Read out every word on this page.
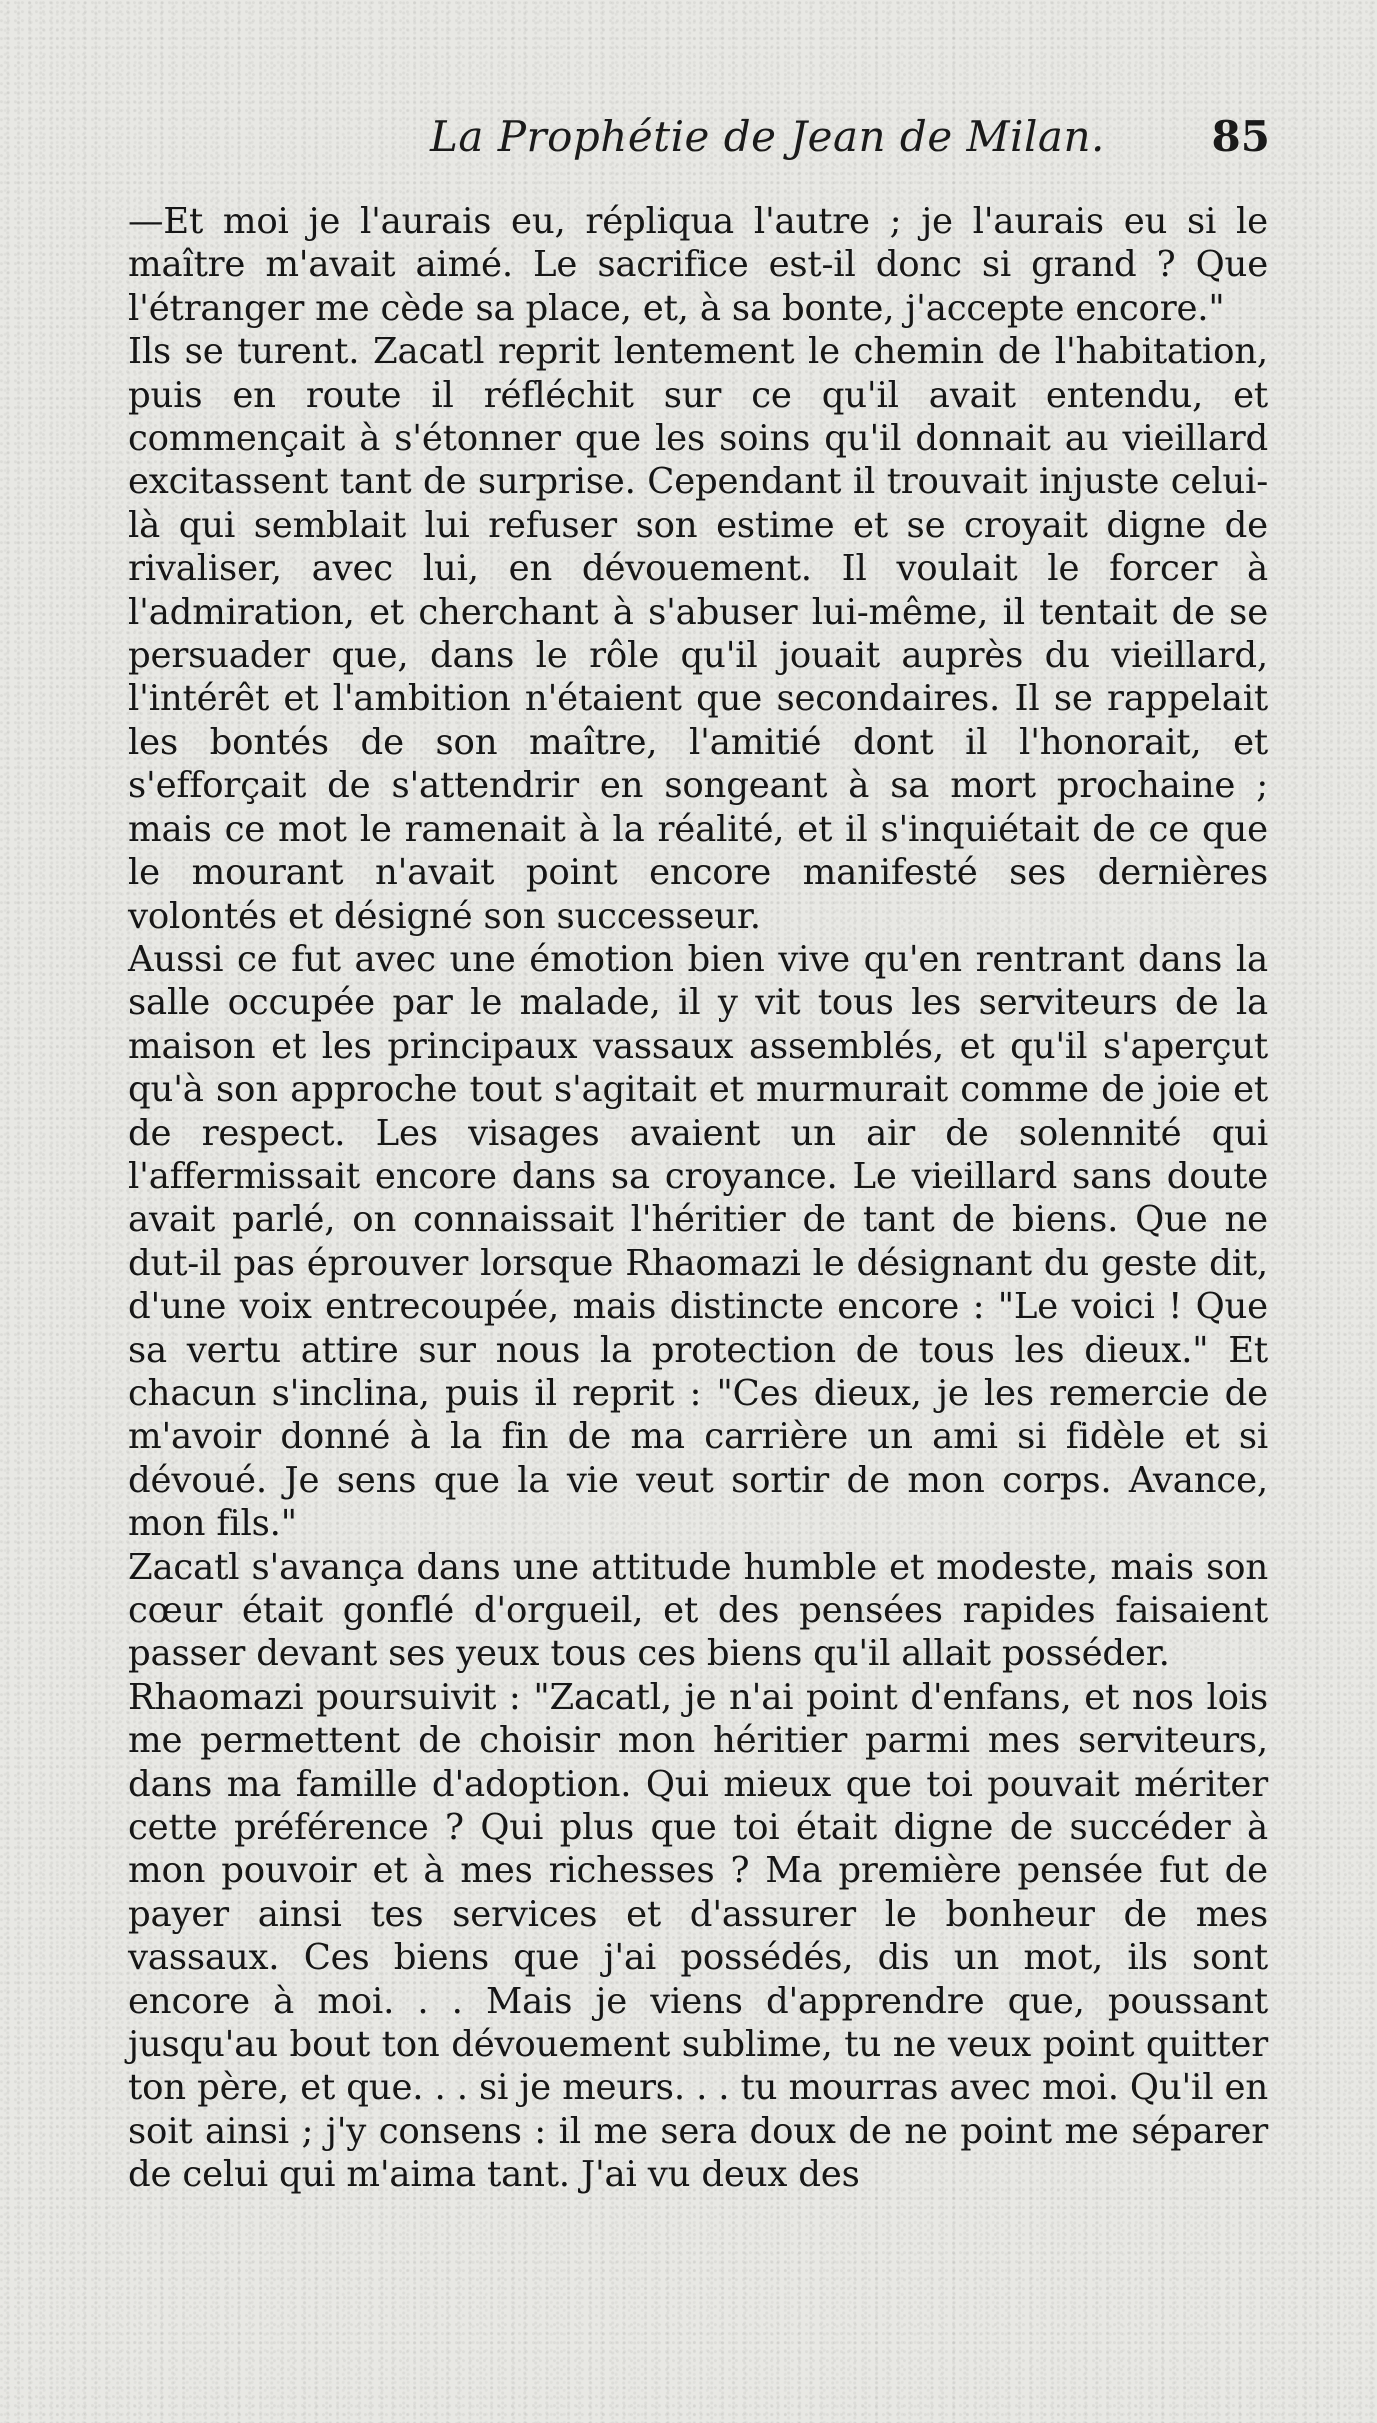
La Prophétie de Jean de Milan.	85

—Et moi je l'aurais eu, répliqua l'autre ; je l'aurais eu si le maître m'avait aimé. Le sacrifice est-il donc si grand ? Que l'étranger me cède sa place, et, à sa bonte, j'accepte encore."

Ils se turent. Zacatl reprit lentement le chemin de l'habitation, puis en route il réfléchit sur ce qu'il avait entendu, et commençait à s'étonner que les soins qu'il donnait au vieillard excitassent tant de surprise. Cependant il trouvait injuste celui-là qui semblait lui refuser son estime et se croyait digne de rivaliser, avec lui, en dévouement. Il voulait le forcer à l'admiration, et cherchant à s'abuser lui-même, il tentait de se persuader que, dans le rôle qu'il jouait auprès du vieillard, l'intérêt et l'ambition n'étaient que secondaires. Il se rappelait les bontés de son maître, l'amitié dont il l'honorait, et s'efforçait de s'attendrir en songeant à sa mort prochaine ; mais ce mot le ramenait à la réalité, et il s'inquiétait de ce que le mourant n'avait point encore manifesté ses dernières volontés et désigné son successeur.

Aussi ce fut avec une émotion bien vive qu'en rentrant dans la salle occupée par le malade, il y vit tous les serviteurs de la maison et les principaux vassaux assemblés, et qu'il s'aperçut qu'à son approche tout s'agitait et murmurait comme de joie et de respect. Les visages avaient un air de solennité qui l'affermissait encore dans sa croyance. Le vieillard sans doute avait parlé, on connaissait l'héritier de tant de biens. Que ne dut-il pas éprouver lorsque Rhaomazi le désignant du geste dit, d'une voix entrecoupée, mais distincte encore : "Le voici ! Que sa vertu attire sur nous la protection de tous les dieux." Et chacun s'inclina, puis il reprit : "Ces dieux, je les remercie de m'avoir donné à la fin de ma carrière un ami si fidèle et si dévoué. Je sens que la vie veut sortir de mon corps. Avance, mon fils."

Zacatl s'avança dans une attitude humble et modeste, mais son cœur était gonflé d'orgueil, et des pensées rapides faisaient passer devant ses yeux tous ces biens qu'il allait posséder.

Rhaomazi poursuivit : "Zacatl, je n'ai point d'enfans, et nos lois me permettent de choisir mon héritier parmi mes serviteurs, dans ma famille d'adoption. Qui mieux que toi pouvait mériter cette préférence ? Qui plus que toi était digne de succéder à mon pouvoir et à mes richesses ? Ma première pensée fut de payer ainsi tes services et d'assurer le bonheur de mes vassaux. Ces biens que j'ai possédés, dis un mot, ils sont encore à moi. . . Mais je viens d'apprendre que, poussant jusqu'au bout ton dévouement sublime, tu ne veux point quitter ton père, et que. . . si je meurs. . . tu mourras avec moi. Qu'il en soit ainsi ; j'y consens : il me sera doux de ne point me séparer de celui qui m'aima tant. J'ai vu deux des
